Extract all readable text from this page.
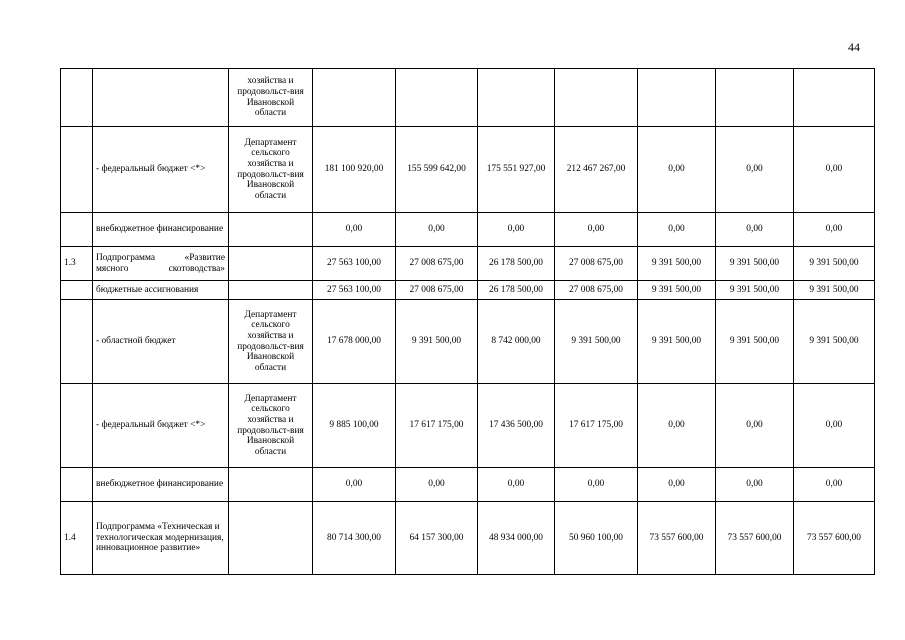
44
		хозяйства и продовольст-вия Ивановской области							
	- федеральный бюджет <*>	Департамент сельского хозяйства и продовольст-вия Ивановской области	181 100 920,00	155 599 642,00	175 551 927,00	212 467 267,00	0,00	0,00	0,00
	внебюджетное финансирование		0,00	0,00	0,00	0,00	0,00	0,00	0,00
1.3	Подпрограмма «Развитие мясного скотоводства»		27 563 100,00	27 008 675,00	26 178 500,00	27 008 675,00	9 391 500,00	9 391 500,00	9 391 500,00
	бюджетные ассигнования		27 563 100,00	27 008 675,00	26 178 500,00	27 008 675,00	9 391 500,00	9 391 500,00	9 391 500,00
	- областной бюджет	Департамент сельского хозяйства и продовольст-вия Ивановской области	17 678 000,00	9 391 500,00	8 742 000,00	9 391 500,00	9 391 500,00	9 391 500,00	9 391 500,00
	- федеральный бюджет <*>	Департамент сельского хозяйства и продовольст-вия Ивановской области	9 885 100,00	17 617 175,00	17 436 500,00	17 617 175,00	0,00	0,00	0,00
	внебюджетное финансирование		0,00	0,00	0,00	0,00	0,00	0,00	0,00
1.4	Подпрограмма «Техническая и технологическая модернизация, инновационное развитие»		80 714 300,00	64 157 300,00	48 934 000,00	50 960 100,00	73 557 600,00	73 557 600,00	73 557 600,00
